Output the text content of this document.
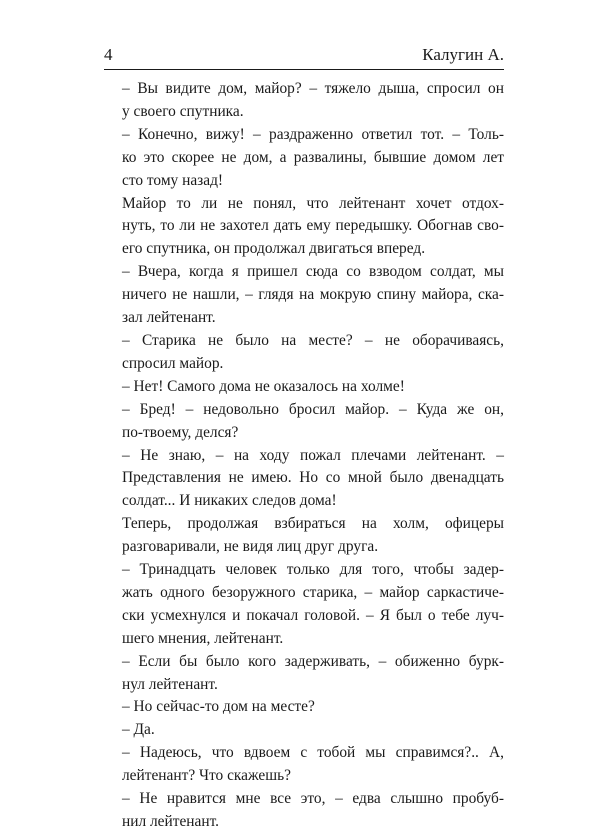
4	Калугин А.

– Вы видите дом, майор? – тяжело дыша, спросил он
у своего спутника.

– Конечно, вижу! – раздраженно ответил тот. – Толь-
ко это скорее не дом, а развалины, бывшие домом лет
сто тому назад!

Майор то ли не понял, что лейтенант хочет отдох-
нуть, то ли не захотел дать ему передышку. Обогнав сво-
его спутника, он продолжал двигаться вперед.

– Вчера, когда я пришел сюда со взводом солдат, мы
ничего не нашли, – глядя на мокрую спину майора, ска-
зал лейтенант.

– Старика не было на месте? – не оборачиваясь,
спросил майор.

– Нет! Самого дома не оказалось на холме!

– Бред! – недовольно бросил майор. – Куда же он,
по-твоему, делся?

– Не знаю, – на ходу пожал плечами лейтенант. –
Представления не имею. Но со мной было двенадцать
солдат... И никаких следов дома!

Теперь, продолжая взбираться на холм, офицеры
разговаривали, не видя лиц друг друга.

– Тринадцать человек только для того, чтобы задер-
жать одного безоружного старика, – майор саркастиче-
ски усмехнулся и покачал головой. – Я был о тебе луч-
шего мнения, лейтенант.

– Если бы было кого задерживать, – обиженно бурк-
нул лейтенант.

– Но сейчас-то дом на месте?

– Да.

– Надеюсь, что вдвоем с тобой мы справимся?.. А,
лейтенант? Что скажешь?

– Не нравится мне все это, – едва слышно пробуб-
нил лейтенант.
